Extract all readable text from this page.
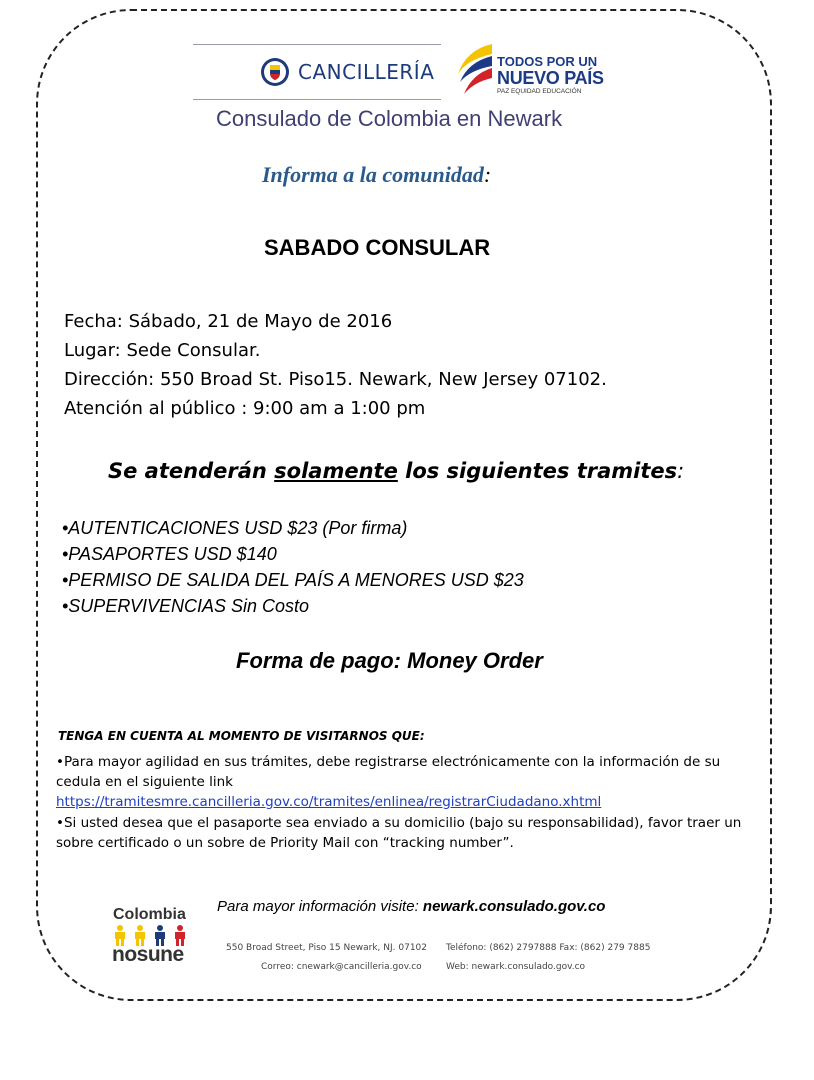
CANCILLERÍA	TODOS POR UN
NUEVO PAÍS
PAZ EQUIDAD EDUCACIÓN
Consulado de Colombia en Newark
Informa a la comunidad:
SABADO CONSULAR
Fecha: Sábado, 21 de Mayo de 2016
Lugar: Sede Consular.
Dirección: 550 Broad St. Piso15. Newark, New Jersey 07102.
Atención al público : 9:00 am a 1:00 pm
Se atenderán solamente los siguientes tramites:
•AUTENTICACIONES USD $23 (Por firma)
•PASAPORTES USD $140
•PERMISO DE SALIDA DEL PAÍS A MENORES USD $23
•SUPERVIVENCIAS Sin Costo
Forma de pago: Money Order
TENGA EN CUENTA AL MOMENTO DE VISITARNOS QUE:
•Para mayor agilidad en sus trámites, debe registrarse electrónicamente con la información de su
cedula en el siguiente link
https://tramitesmre.cancilleria.gov.co/tramites/enlinea/registrarCiudadano.xhtml
•Si usted desea que el pasaporte sea enviado a su domicilio (bajo su responsabilidad), favor traer un
sobre certificado o un sobre de Priority Mail con “tracking number”.
Para mayor información visite: newark.consulado.gov.co
Colombia
nosune	550 Broad Street, Piso 15 Newark, NJ. 07102 Teléfono: (862) 2797888 Fax: (862) 279 7885
Correo: cnewark@cancilleria.gov.co	Web: newark.consulado.gov.co
